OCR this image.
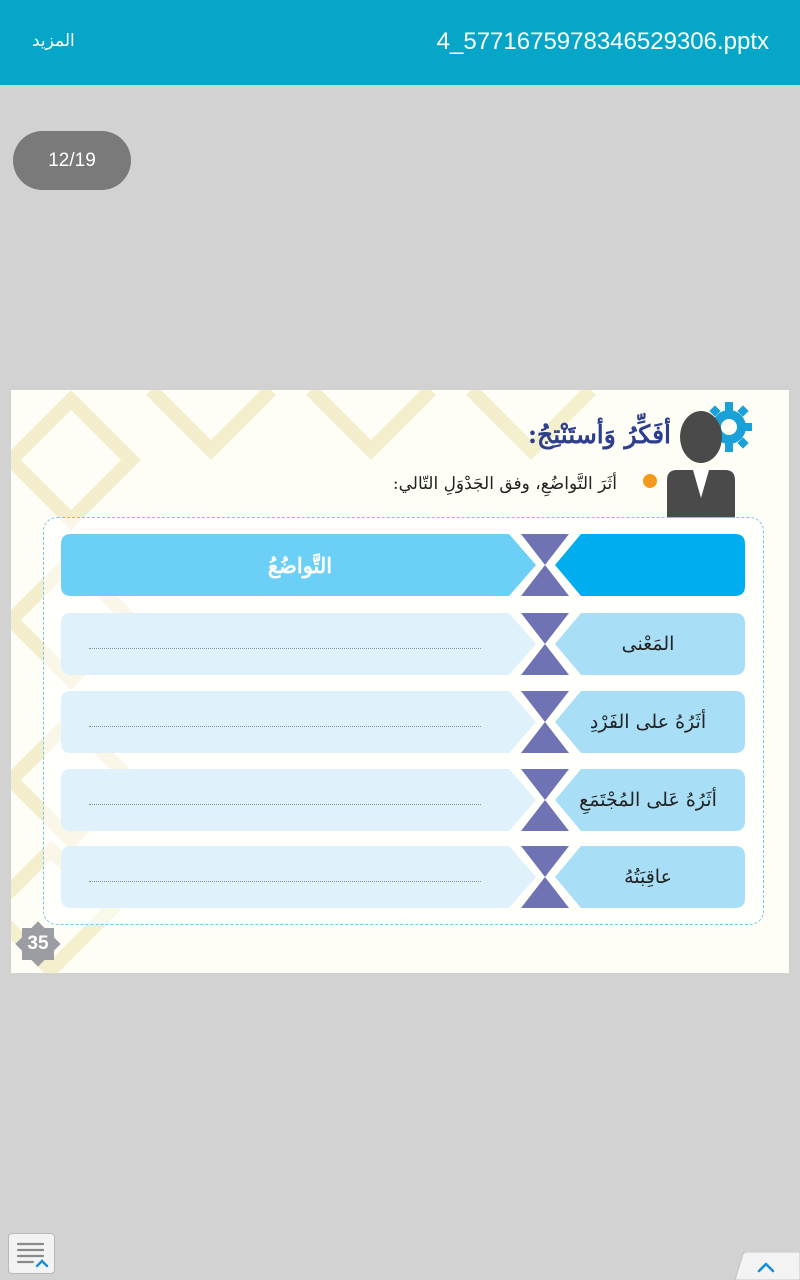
المزيد	4_5771675978346529306.pptx
12/19
أفَكِّرُ وَأستَنْتِجُ:
أثَرَ التَّواضُعِ، وفق الجَدْوَلِ التّالي:
التَّواضُعُ
المَعْنى
أثَرُهُ على الفَرْدِ
أثَرُهُ عَلى المُجْتَمَعِ
عاقِبَتُهُ
35
